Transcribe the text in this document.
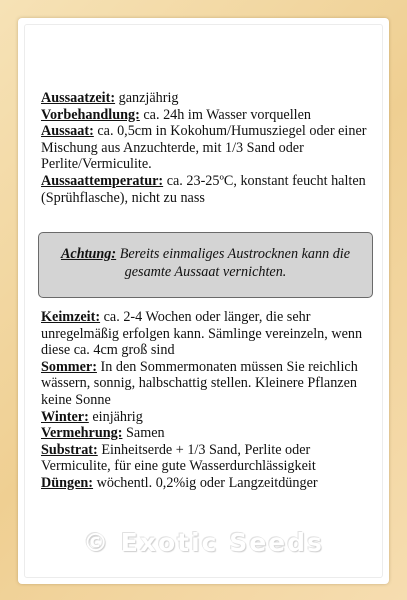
Aussaatzeit: ganzjährig
Vorbehandlung: ca. 24h im Wasser vorquellen
Aussaat: ca. 0,5cm in Kokohum/Humusziegel oder einer Mischung aus Anzuchterde, mit 1/3 Sand oder Perlite/Vermiculite.
Aussaattemperatur: ca. 23-25ºC, konstant feucht halten (Sprühflasche), nicht zu nass
Achtung: Bereits einmaliges Austrocknen kann die gesamte Aussaat vernichten.
Keimzeit: ca. 2-4 Wochen oder länger, die sehr unregelmäßig erfolgen kann. Sämlinge vereinzeln, wenn diese ca. 4cm groß sind
Sommer: In den Sommermonaten müssen Sie reichlich wässern, sonnig, halbschattig stellen. Kleinere Pflanzen keine Sonne
Winter: einjährig
Vermehrung: Samen
Substrat: Einheitserde + 1/3 Sand, Perlite oder Vermiculite, für eine gute Wasserdurchlässigkeit
Düngen: wöchentl. 0,2%ig oder Langzeitdünger
© Exotic Seeds
